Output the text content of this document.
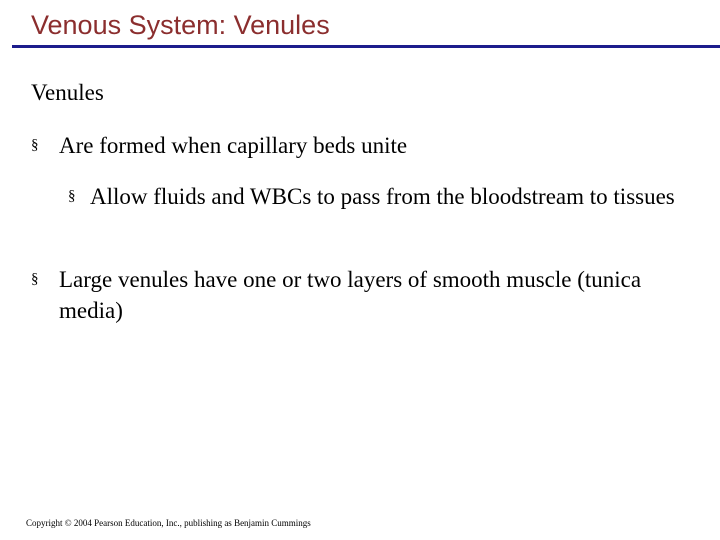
Venous System: Venules
Venules
§ Are formed when capillary beds unite
§ Allow fluids and WBCs to pass from the bloodstream to tissues
§ Large venules have one or two layers of smooth muscle (tunica media)
Copyright © 2004 Pearson Education, Inc., publishing as Benjamin Cummings
